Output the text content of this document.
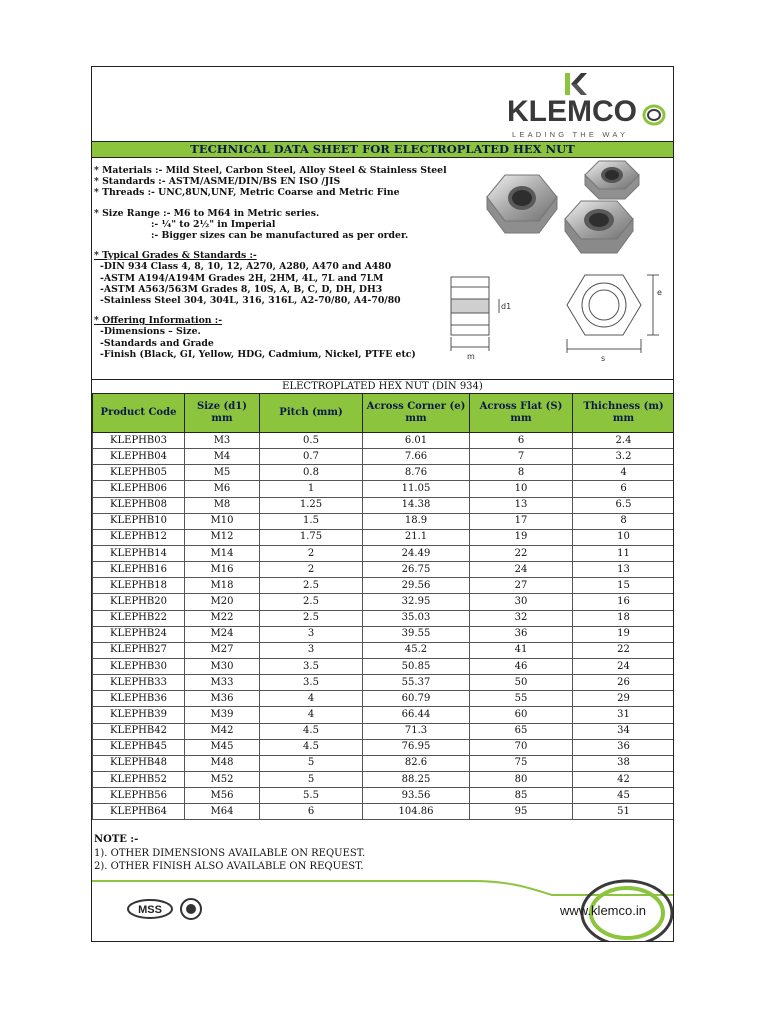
KLEMCO
LEADING THE WAY
TECHNICAL DATA SHEET FOR ELECTROPLATED HEX NUT
* Materials :- Mild Steel, Carbon Steel, Alloy Steel & Stainless Steel
* Standards :- ASTM/ASME/DIN/BS EN ISO /JIS
* Threads :- UNC,8UN,UNF, Metric Coarse and Metric Fine
* Size Range :- M6 to M64 in Metric series.
:- ¼" to 2½" in Imperial
:- Bigger sizes can be manufactured as per order.
* Typical Grades & Standards :-
-DIN 934 Class 4, 8, 10, 12, A270, A280, A470 and A480
-ASTM A194/A194M Grades 2H, 2HM, 4L, 7L and 7LM
-ASTM A563/563M Grades 8, 10S, A, B, C, D, DH, DH3
-Stainless Steel 304, 304L, 316, 316L, A2-70/80, A4-70/80
* Offering Information :-
-Dimensions – Size.
-Standards and Grade
-Finish (Black, GI, Yellow, HDG, Cadmium, Nickel, PTFE etc)
d1
m	s
e
ELECTROPLATED HEX NUT (DIN 934)
Product Code	Size (d1) mm	Pitch (mm)	Across Corner (e) mm	Across Flat (S) mm	Thichness (m) mm
KLEPHB03	M3	0.5	6.01	6	2.4
KLEPHB04	M4	0.7	7.66	7	3.2
KLEPHB05	M5	0.8	8.76	8	4
KLEPHB06	M6	1	11.05	10	6
KLEPHB08	M8	1.25	14.38	13	6.5
KLEPHB10	M10	1.5	18.9	17	8
KLEPHB12	M12	1.75	21.1	19	10
KLEPHB14	M14	2	24.49	22	11
KLEPHB16	M16	2	26.75	24	13
KLEPHB18	M18	2.5	29.56	27	15
KLEPHB20	M20	2.5	32.95	30	16
KLEPHB22	M22	2.5	35.03	32	18
KLEPHB24	M24	3	39.55	36	19
KLEPHB27	M27	3	45.2	41	22
KLEPHB30	M30	3.5	50.85	46	24
KLEPHB33	M33	3.5	55.37	50	26
KLEPHB36	M36	4	60.79	55	29
KLEPHB39	M39	4	66.44	60	31
KLEPHB42	M42	4.5	71.3	65	34
KLEPHB45	M45	4.5	76.95	70	36
KLEPHB48	M48	5	82.6	75	38
KLEPHB52	M52	5	88.25	80	42
KLEPHB56	M56	5.5	93.56	85	45
KLEPHB64	M64	6	104.86	95	51
NOTE :-
1). OTHER DIMENSIONS AVAILABLE ON REQUEST.
2). OTHER FINISH ALSO AVAILABLE ON REQUEST.
MSS	www.klemco.in
